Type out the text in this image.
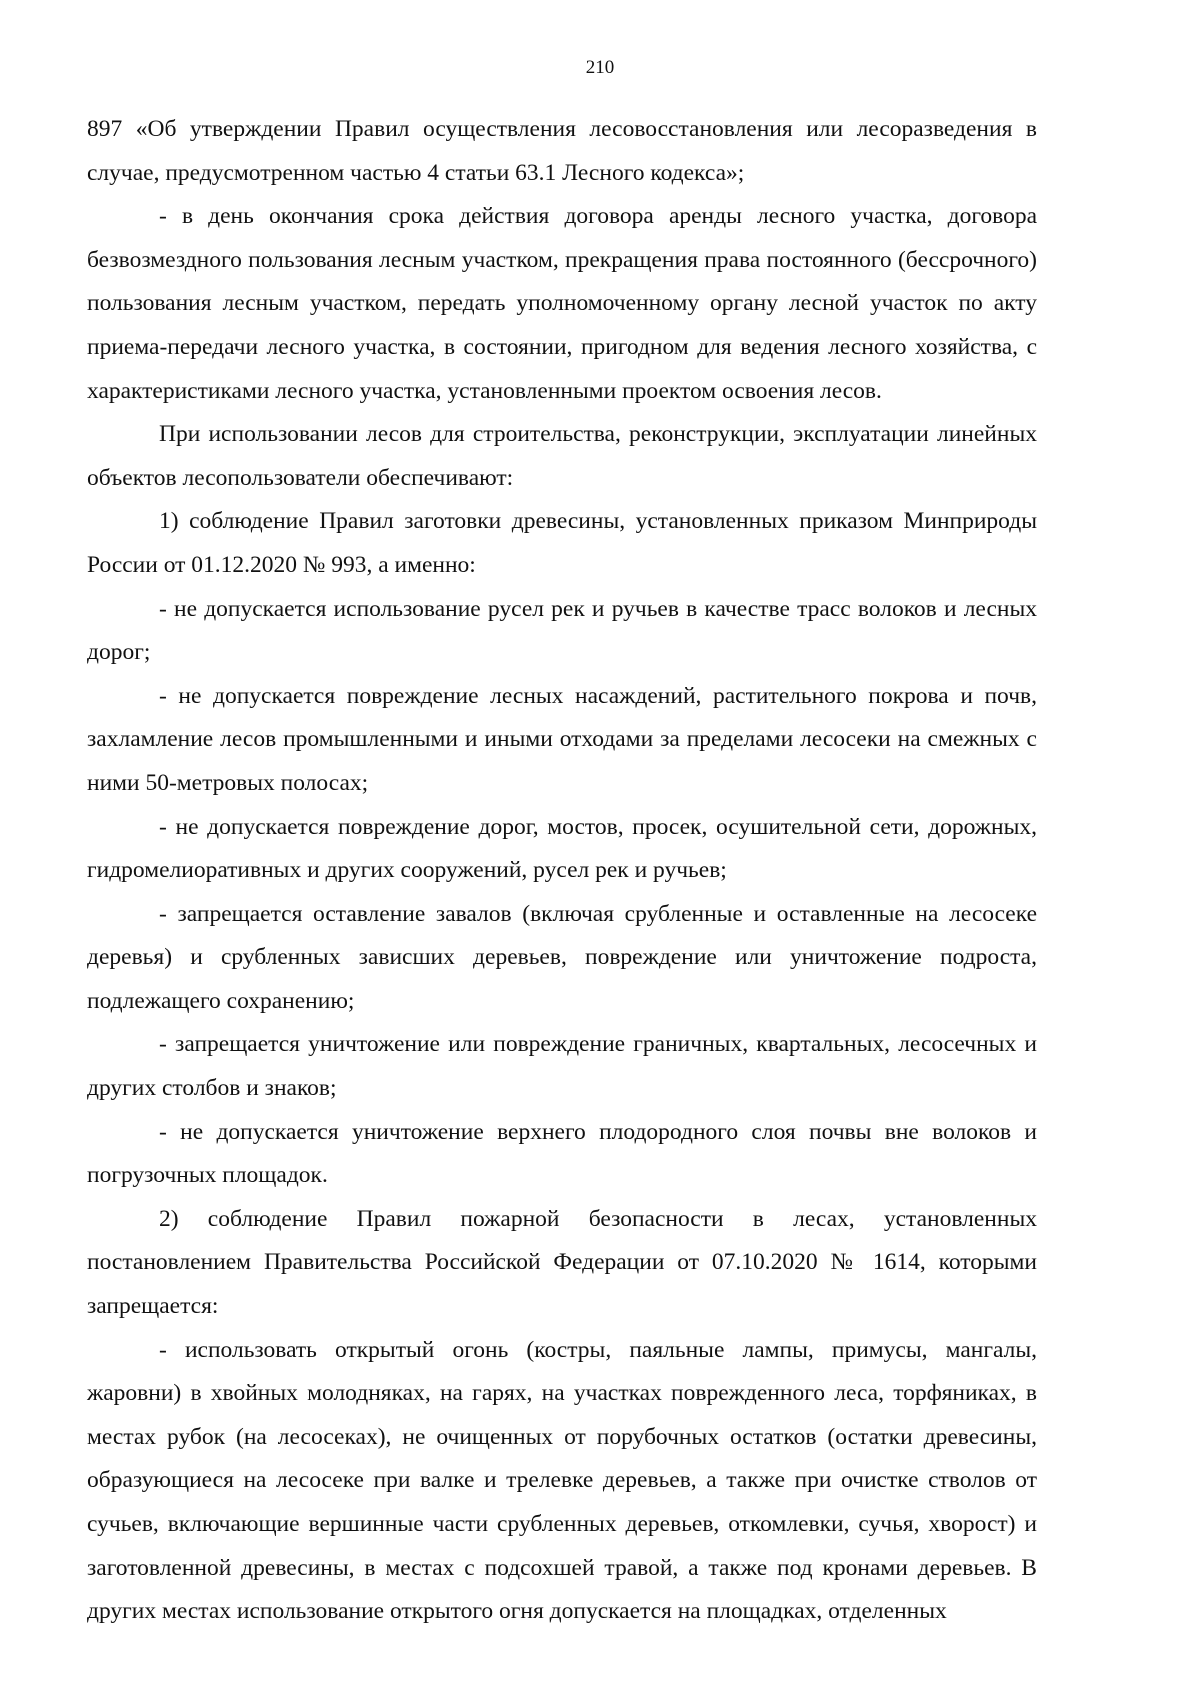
210

897 «Об утверждении Правил осуществления лесовосстановления или лесоразведения в случае, предусмотренном частью 4 статьи 63.1 Лесного кодекса»;

- в день окончания срока действия договора аренды лесного участка, договора безвозмездного пользования лесным участком, прекращения права постоянного (бессрочного) пользования лесным участком, передать уполномоченному органу лесной участок по акту приема-передачи лесного участка, в состоянии, пригодном для ведения лесного хозяйства, с характеристиками лесного участка, установленными проектом освоения лесов.

При использовании лесов для строительства, реконструкции, эксплуатации линейных объектов лесопользователи обеспечивают:

1) соблюдение Правил заготовки древесины, установленных приказом Минприроды России от 01.12.2020 № 993, а именно:

- не допускается использование русел рек и ручьев в качестве трасс волоков и лесных дорог;

- не допускается повреждение лесных насаждений, растительного покрова и почв, захламление лесов промышленными и иными отходами за пределами лесосеки на смежных с ними 50-метровых полосах;

- не допускается повреждение дорог, мостов, просек, осушительной сети, дорожных, гидромелиоративных и других сооружений, русел рек и ручьев;

- запрещается оставление завалов (включая срубленные и оставленные на лесосеке деревья) и срубленных зависших деревьев, повреждение или уничтожение подроста, подлежащего сохранению;

- запрещается уничтожение или повреждение граничных, квартальных, лесосечных и других столбов и знаков;

- не допускается уничтожение верхнего плодородного слоя почвы вне волоков и погрузочных площадок.

2) соблюдение Правил пожарной безопасности в лесах, установленных постановлением Правительства Российской Федерации от 07.10.2020 № 1614, которыми запрещается:

- использовать открытый огонь (костры, паяльные лампы, примусы, мангалы, жаровни) в хвойных молодняках, на гарях, на участках поврежденного леса, торфяниках, в местах рубок (на лесосеках), не очищенных от порубочных остатков (остатки древесины, образующиеся на лесосеке при валке и трелевке деревьев, а также при очистке стволов от сучьев, включающие вершинные части срубленных деревьев, откомлевки, сучья, хворост) и заготовленной древесины, в местах с подсохшей травой, а также под кронами деревьев. В других местах использование открытого огня допускается на площадках, отделенных
